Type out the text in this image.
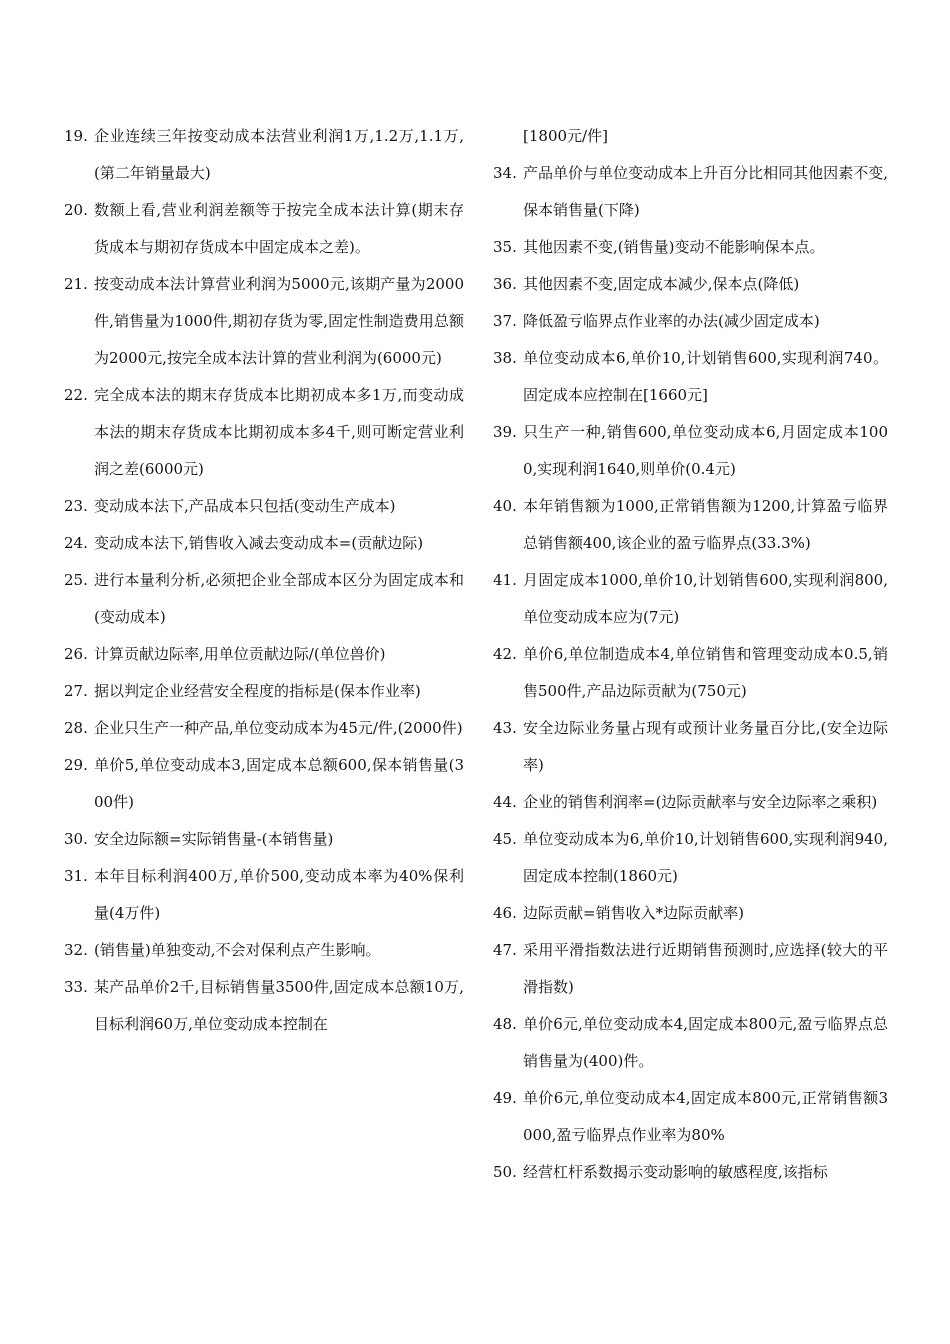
19. 企业连续三年按变动成本法营业利润1万,1.2万,1.1万,(第二年销量最大)
20. 数额上看,营业利润差额等于按完全成本法计算(期末存货成本与期初存货成本中固定成本之差)。
21. 按变动成本法计算营业利润为5000元,该期产量为2000件,销售量为1000件,期初存货为零,固定性制造费用总额为2000元,按完全成本法计算的营业利润为(6000元)
22. 完全成本法的期末存货成本比期初成本多1万,而变动成本法的期末存货成本比期初成本多4千,则可断定营业利润之差(6000元)
23. 变动成本法下,产品成本只包括(变动生产成本)
24. 变动成本法下,销售收入减去变动成本=(贡献边际)
25. 进行本量利分析,必须把企业全部成本区分为固定成本和(变动成本)
26. 计算贡献边际率,用单位贡献边际/(单位兽价)
27. 据以判定企业经营安全程度的指标是(保本作业率)
28. 企业只生产一种产品,单位变动成本为45元/件,(2000件)
29. 单价5,单位变动成本3,固定成本总额600,保本销售量(300件)
30. 安全边际额=实际销售量-(本销售量)
31. 本年目标利润400万,单价500,变动成本率为40%保利量(4万件)
32. (销售量)单独变动,不会对保利点产生影响。
33. 某产品单价2千,目标销售量3500件,固定成本总额10万,目标利润60万,单位变动成本控制在
[1800元/件]
34. 产品单价与单位变动成本上升百分比相同其他因素不变,保本销售量(下降)
35. 其他因素不变,(销售量)变动不能影响保本点。
36. 其他因素不变,固定成本减少,保本点(降低)
37. 降低盈亏临界点作业率的办法(减少固定成本)
38. 单位变动成本6,单价10,计划销售600,实现利润740。固定成本应控制在[1660元]
39. 只生产一种,销售600,单位变动成本6,月固定成本1000,实现利润1640,则单价(0.4元)
40. 本年销售额为1000,正常销售额为1200,计算盈亏临界总销售额400,该企业的盈亏临界点(33.3%)
41. 月固定成本1000,单价10,计划销售600,实现利润800,单位变动成本应为(7元)
42. 单价6,单位制造成本4,单位销售和管理变动成本0.5,销售500件,产品边际贡献为(750元)
43. 安全边际业务量占现有或预计业务量百分比,(安全边际率)
44. 企业的销售利润率=(边际贡献率与安全边际率之乘积)
45. 单位变动成本为6,单价10,计划销售600,实现利润940,固定成本控制(1860元)
46. 边际贡献=销售收入*边际贡献率)
47. 采用平滑指数法进行近期销售预测时,应选择(较大的平滑指数)
48. 单价6元,单位变动成本4,固定成本800元,盈亏临界点总销售量为(400)件。
49. 单价6元,单位变动成本4,固定成本800元,正常销售额3000,盈亏临界点作业率为80%
50. 经营杠杆系数揭示变动影响的敏感程度,该指标
